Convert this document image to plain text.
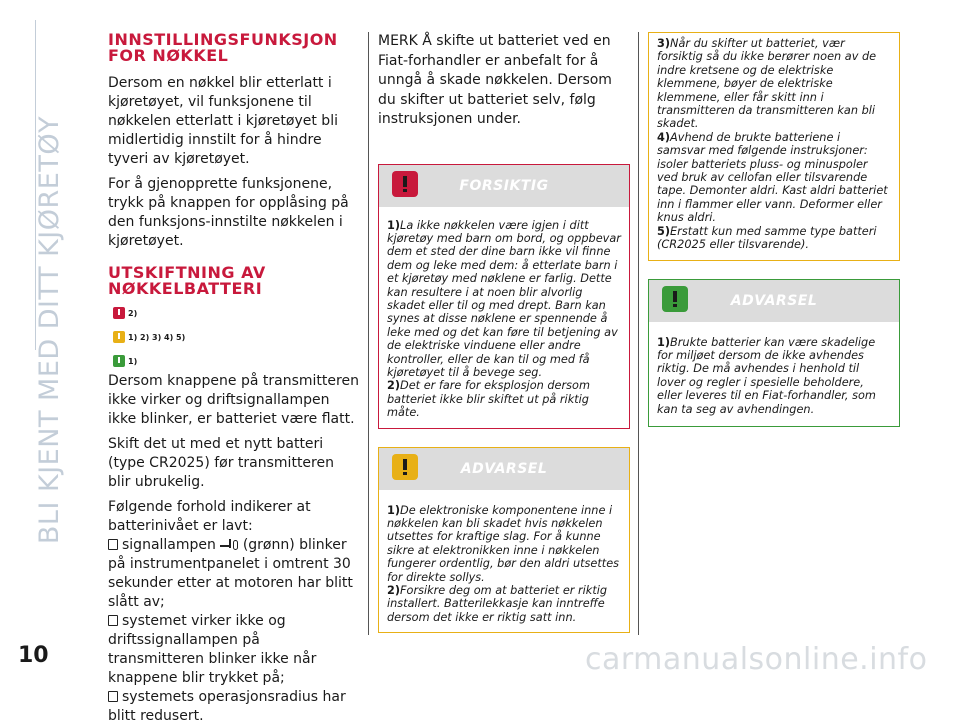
BLI KJENT MED DITT KJØRETØY
INNSTILLINGSFUNKSJON
FOR NØKKEL

Dersom en nøkkel blir etterlatt i kjøretøyet, vil funksjonene til nøkkelen etterlatt i kjøretøyet bli midlertidig innstilt for å hindre tyveri av kjøretøyet.

For å gjenopprette funksjonene, trykk på knappen for opplåsing på den funksjons-innstilte nøkkelen i kjøretøyet.

UTSKIFTNING AV
NØKKELBATTERI
2)
1) 2) 3) 4) 5)
1)

Dersom knappene på transmitteren ikke virker og driftsignallampen ikke blinker, er batteriet være flatt.

Skift det ut med et nytt batteri (type CR2025) før transmitteren blir ubrukelig.

Følgende forhold indikerer at batterinivået er lavt:

signallampen (grønn) blinker på instrumentpanelet i omtrent 30 sekunder etter at motoren har blitt slått av;
systemet virker ikke og driftssignallampen på transmitteren blinker ikke når knappene blir trykket på;
systemets operasjonsradius har blitt redusert.
MERK Å skifte ut batteriet ved en Fiat-forhandler er anbefalt for å unngå å skade nøkkelen. Dersom du skifter ut batteriet selv, følg instruksjonen under.
FORSIKTIG

1)La ikke nøkkelen være igjen i ditt kjøretøy med barn om bord, og oppbevar dem et sted der dine barn ikke vil finne dem og leke med dem: å etterlate barn i et kjøretøy med nøklene er farlig. Dette kan resultere i at noen blir alvorlig skadet eller til og med drept. Barn kan synes at disse nøklene er spennende å leke med og det kan føre til betjening av de elektriske vinduene eller andre kontroller, eller de kan til og med få kjøretøyet til å bevege seg.

2)Det er fare for eksplosjon dersom batteriet ikke blir skiftet ut på riktig måte.

ADVARSEL

1)De elektroniske komponentene inne i nøkkelen kan bli skadet hvis nøkkelen utsettes for kraftige slag. For å kunne sikre at elektronikken inne i nøkkelen fungerer ordentlig, bør den aldri utsettes for direkte sollys.

2)Forsikre deg om at batteriet er riktig installert. Batterilekkasje kan inntreffe dersom det ikke er riktig satt inn.

3)Når du skifter ut batteriet, vær forsiktig så du ikke berører noen av de indre kretsene og de elektriske klemmene, bøyer de elektriske klemmene, eller får skitt inn i transmitteren da transmitteren kan bli skadet.

4)Avhend de brukte batteriene i samsvar med følgende instruksjoner: isoler batteriets pluss- og minuspoler ved bruk av cellofan eller tilsvarende tape. Demonter aldri. Kast aldri batteriet inn i flammer eller vann. Deformer eller knus aldri.

5)Erstatt kun med samme type batteri (CR2025 eller tilsvarende).

ADVARSEL

1)Brukte batterier kan være skadelige for miljøet dersom de ikke avhendes riktig. De må avhendes i henhold til lover og regler i spesielle beholdere, eller leveres til en Fiat-forhandler, som kan ta seg av avhendingen.

10	carmanualsonline.info
